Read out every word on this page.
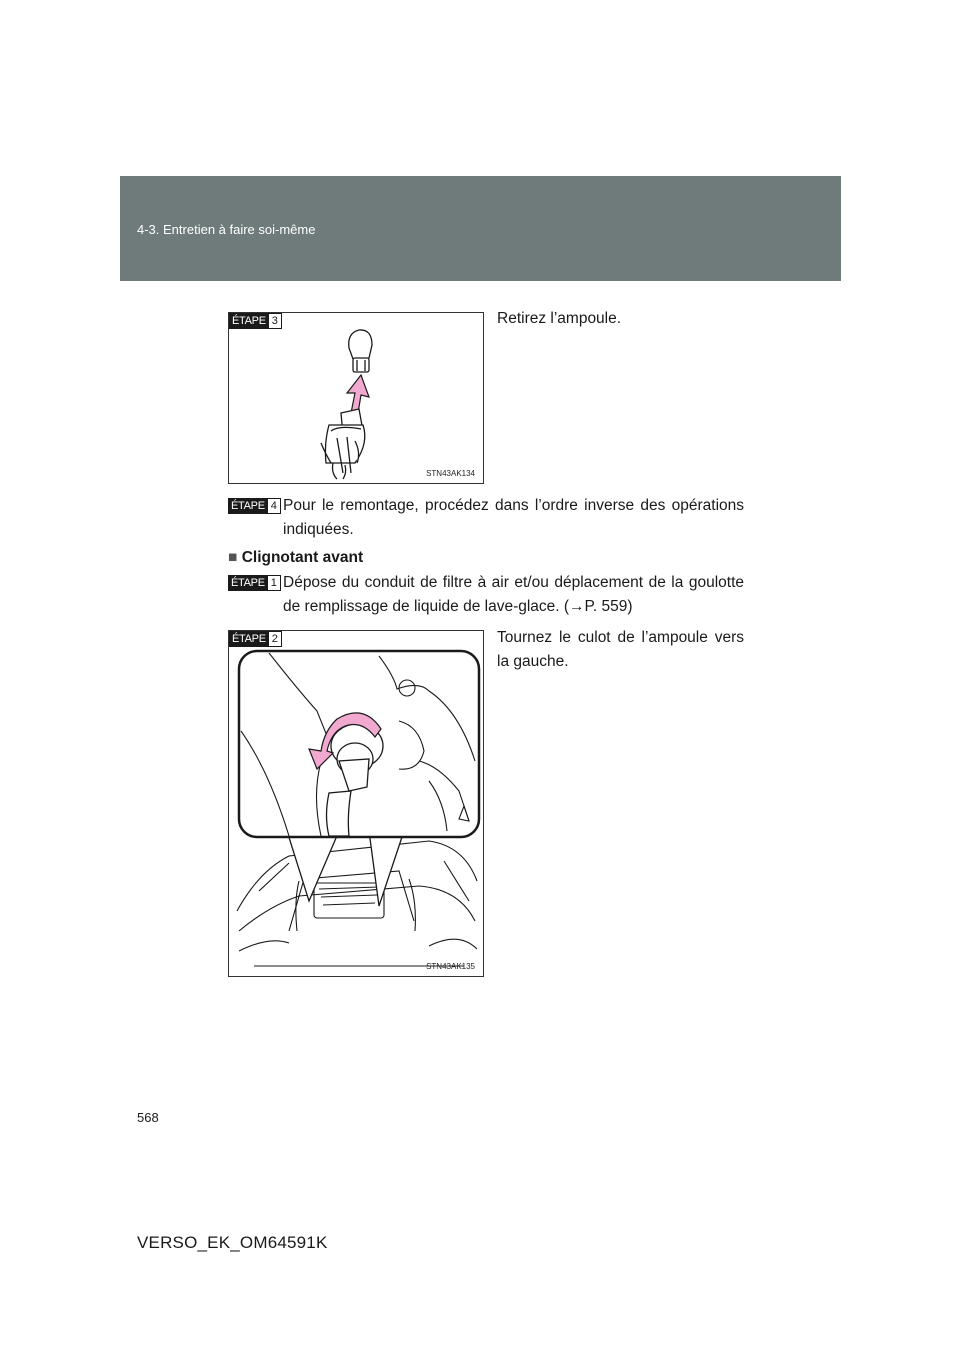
4-3. Entretien à faire soi-même
ÉTAPE 3
STN43AK134
Retirez l’ampoule.
ÉTAPE 4 Pour le remontage, procédez dans l’ordre inverse des opérations indiquées.
■ Clignotant avant
ÉTAPE 1 Dépose du conduit de filtre à air et/ou déplacement de la goulotte de remplissage de liquide de lave-glace. (→P. 559)
ÉTAPE 2
STN43AK135
Tournez le culot de l’ampoule vers la gauche.
568
VERSO_EK_OM64591K
